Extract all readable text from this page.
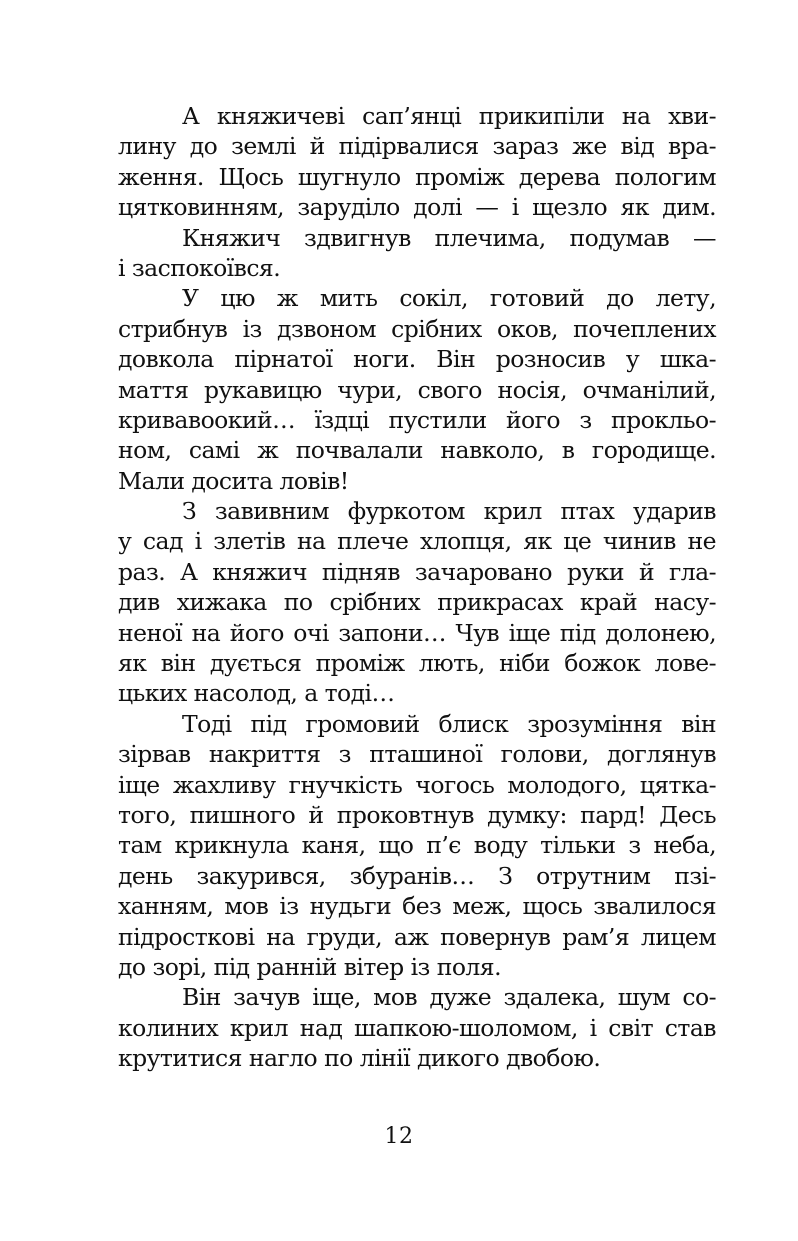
А княжичеві сап’янці прикипіли на хви-
лину до землі й підірвалися зараз же від вра-
ження. Щось шугнуло проміж дерева пологим
цятковинням, заруділо долі — і щезло як дим.
Княжич здвигнув плечима, подумав —
і заспокоївся.
У цю ж мить сокіл, готовий до лету,
стрибнув із дзвоном срібних оков, почеплених
довкола пірнатої ноги. Він розносив у шка-
маття рукавицю чури, свого носія, очманілий,
кривавоокий… їздці пустили його з прокльо-
ном, самі ж почвалали навколо, в городище.
Мали досита ловів!
З завивним фуркотом крил птах ударив
у сад і злетів на плече хлопця, як це чинив не
раз. А княжич підняв зачаровано руки й гла-
див хижака по срібних прикрасах край насу-
неної на його очі запони… Чув іще під долонею,
як він дується проміж лють, ніби божок лове-
цьких насолод, а тоді…
Тоді під громовий блиск зрозуміння він
зірвав накриття з пташиної голови, доглянув
іще жахливу гнучкість чогось молодого, цятка-
того, пишного й проковтнув думку: пард! Десь
там крикнула каня, що п’є воду тільки з неба,
день закурився, збуранів… З отрутним пзі-
ханням, мов із нудьги без меж, щось звалилося
підросткові на груди, аж повернув рам’я лицем
до зорі, під ранній вітер із поля.
Він зачув іще, мов дуже здалека, шум со-
колиних крил над шапкою-шоломом, і світ став
крутитися нагло по лінії дикого двобою.
12
